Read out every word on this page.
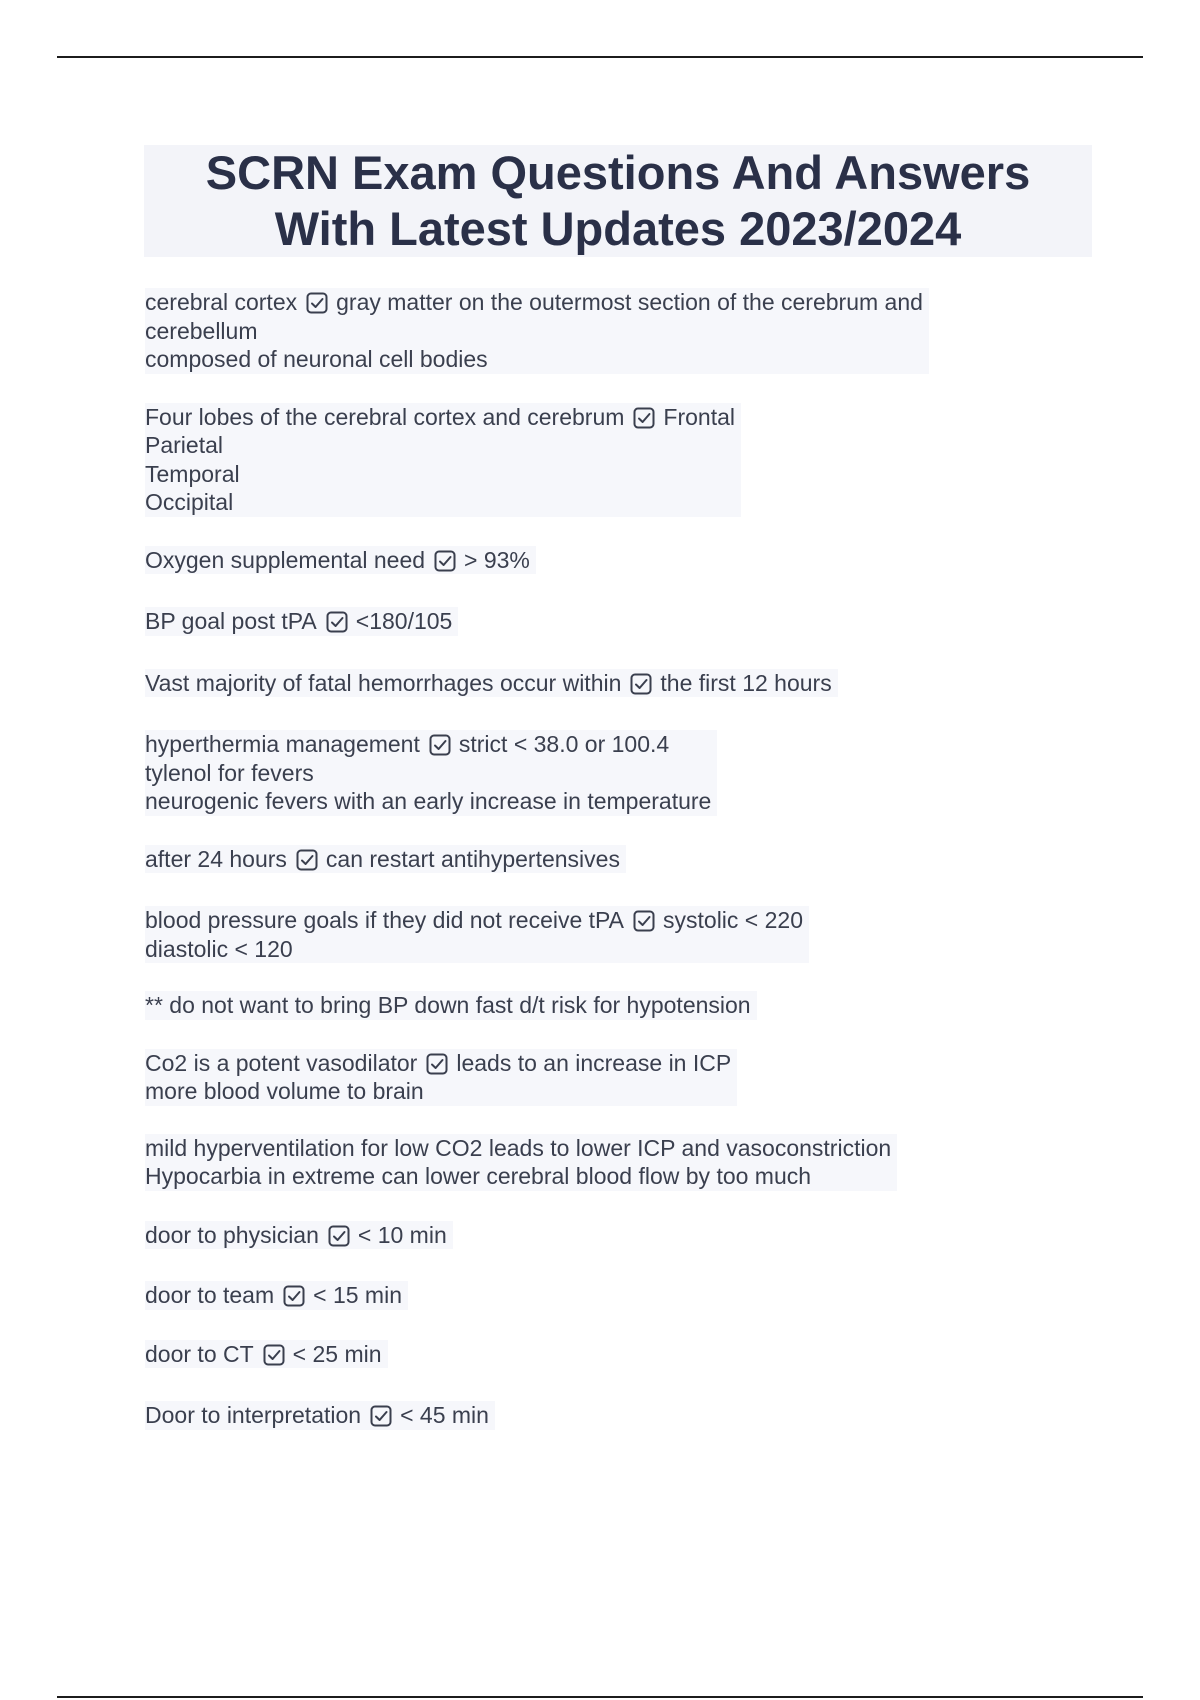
SCRN Exam Questions And Answers
With Latest Updates 2023/2024
cerebral cortex gray matter on the outermost section of the cerebrum and
cerebellum
composed of neuronal cell bodies
Four lobes of the cerebral cortex and cerebrum Frontal
Parietal
Temporal
Occipital
Oxygen supplemental need > 93%
BP goal post tPA <180/105
Vast majority of fatal hemorrhages occur within the first 12 hours
hyperthermia management strict < 38.0 or 100.4
tylenol for fevers
neurogenic fevers with an early increase in temperature
after 24 hours can restart antihypertensives
blood pressure goals if they did not receive tPA systolic < 220
diastolic < 120
** do not want to bring BP down fast d/t risk for hypotension
Co2 is a potent vasodilator leads to an increase in ICP
more blood volume to brain
mild hyperventilation for low CO2 leads to lower ICP and vasoconstriction
Hypocarbia in extreme can lower cerebral blood flow by too much
door to physician < 10 min
door to team < 15 min
door to CT < 25 min
Door to interpretation < 45 min
